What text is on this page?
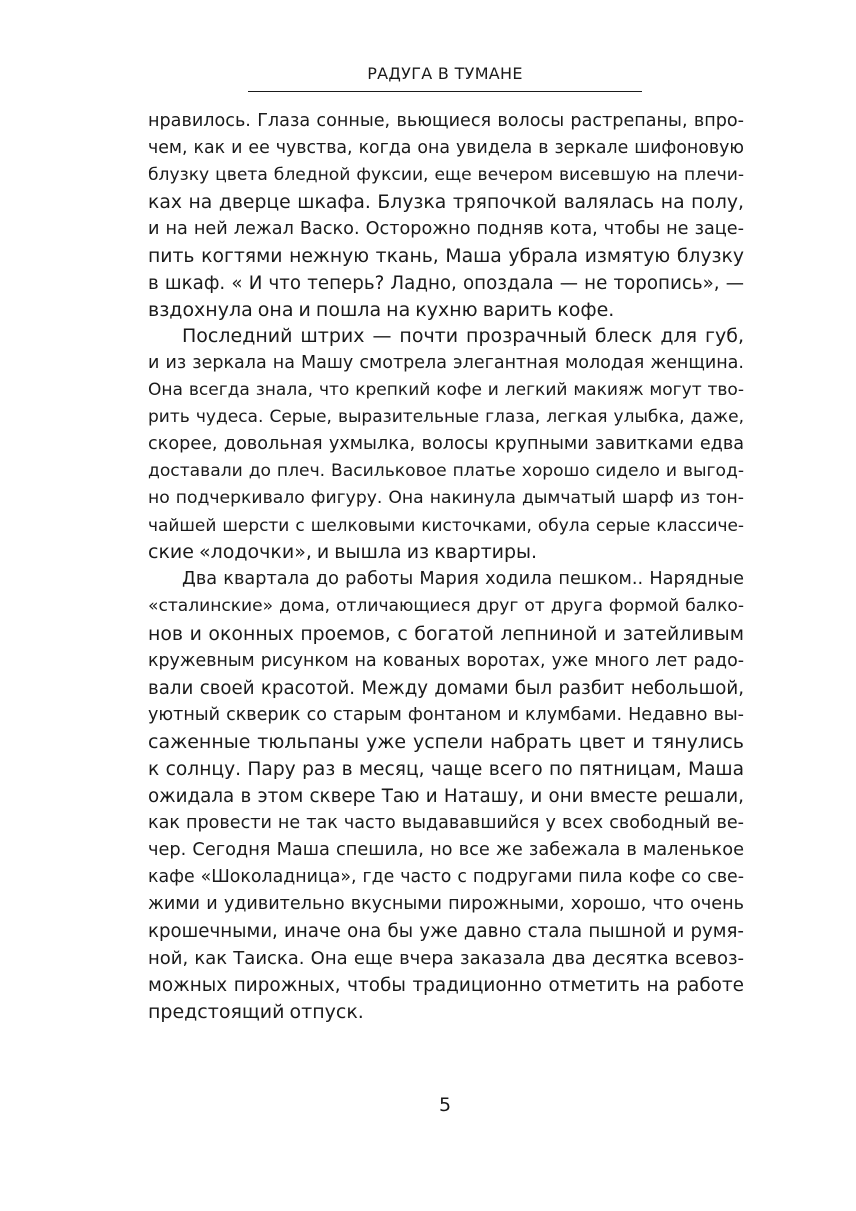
РАДУГА В ТУМАНЕ
нравилось. Глаза сонные, вьющиеся волосы растрепаны, впро-
чем, как и ее чувства, когда она увидела в зеркале шифоновую
блузку цвета бледной фуксии, еще вечером висевшую на плечи-
ках на дверце шкафа. Блузка тряпочкой валялась на полу,
и на ней лежал Васко. Осторожно подняв кота, чтобы не заце-
пить когтями нежную ткань, Маша убрала измятую блузку
в шкаф. « И что теперь? Ладно, опоздала — не торопись», —
вздохнула она и пошла на кухню варить кофе.
Последний штрих — почти прозрачный блеск для губ,
и из зеркала на Машу смотрела элегантная молодая женщина.
Она всегда знала, что крепкий кофе и легкий макияж могут тво-
рить чудеса. Серые, выразительные глаза, легкая улыбка, даже,
скорее, довольная ухмылка, волосы крупными завитками едва
доставали до плеч. Васильковое платье хорошо сидело и выгод-
но подчеркивало фигуру. Она накинула дымчатый шарф из тон-
чайшей шерсти с шелковыми кисточками, обула серые классиче-
ские «лодочки», и вышла из квартиры.
Два квартала до работы Мария ходила пешком.. Нарядные
«сталинские» дома, отличающиеся друг от друга формой балко-
нов и оконных проемов, с богатой лепниной и затейливым
кружевным рисунком на кованых воротах, уже много лет радо-
вали своей красотой. Между домами был разбит небольшой,
уютный скверик со старым фонтаном и клумбами. Недавно вы-
саженные тюльпаны уже успели набрать цвет и тянулись
к солнцу. Пару раз в месяц, чаще всего по пятницам, Маша
ожидала в этом сквере Таю и Наташу, и они вместе решали,
как провести не так часто выдававшийся у всех свободный ве-
чер. Сегодня Маша спешила, но все же забежала в маленькое
кафе «Шоколадница», где часто с подругами пила кофе со све-
жими и удивительно вкусными пирожными, хорошо, что очень
крошечными, иначе она бы уже давно стала пышной и румя-
ной, как Таиска. Она еще вчера заказала два десятка всевоз-
можных пирожных, чтобы традиционно отметить на работе
предстоящий отпуск.
5
